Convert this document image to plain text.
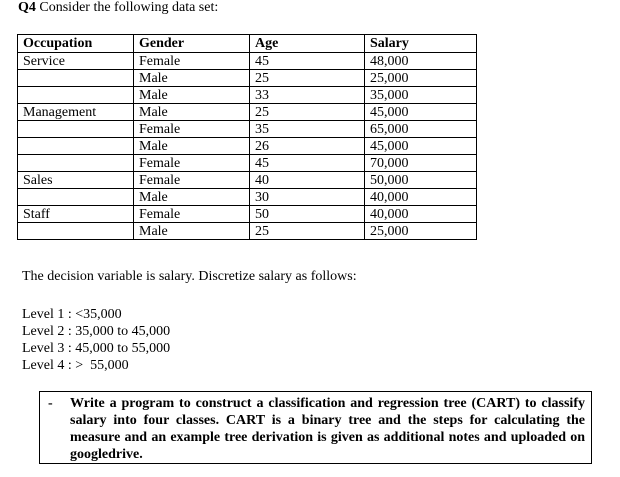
Q4 Consider the following data set:
Occupation	Gender	Age	Salary
Service	Female	45	48,000
	Male	25	25,000
	Male	33	35,000
Management	Male	25	45,000
	Female	35	65,000
	Male	26	45,000
	Female	45	70,000
Sales	Female	40	50,000
	Male	30	40,000
Staff	Female	50	40,000
	Male	25	25,000
The decision variable is salary. Discretize salary as follows:
Level 1 : <35,000
Level 2 : 35,000 to 45,000
Level 3 : 45,000 to 55,000
Level 4 : >  55,000
- Write a program to construct a classification and regression tree (CART) to classify salary into four classes. CART is a binary tree and the steps for calculating the measure and an example tree derivation is given as additional notes and uploaded on googledrive.
